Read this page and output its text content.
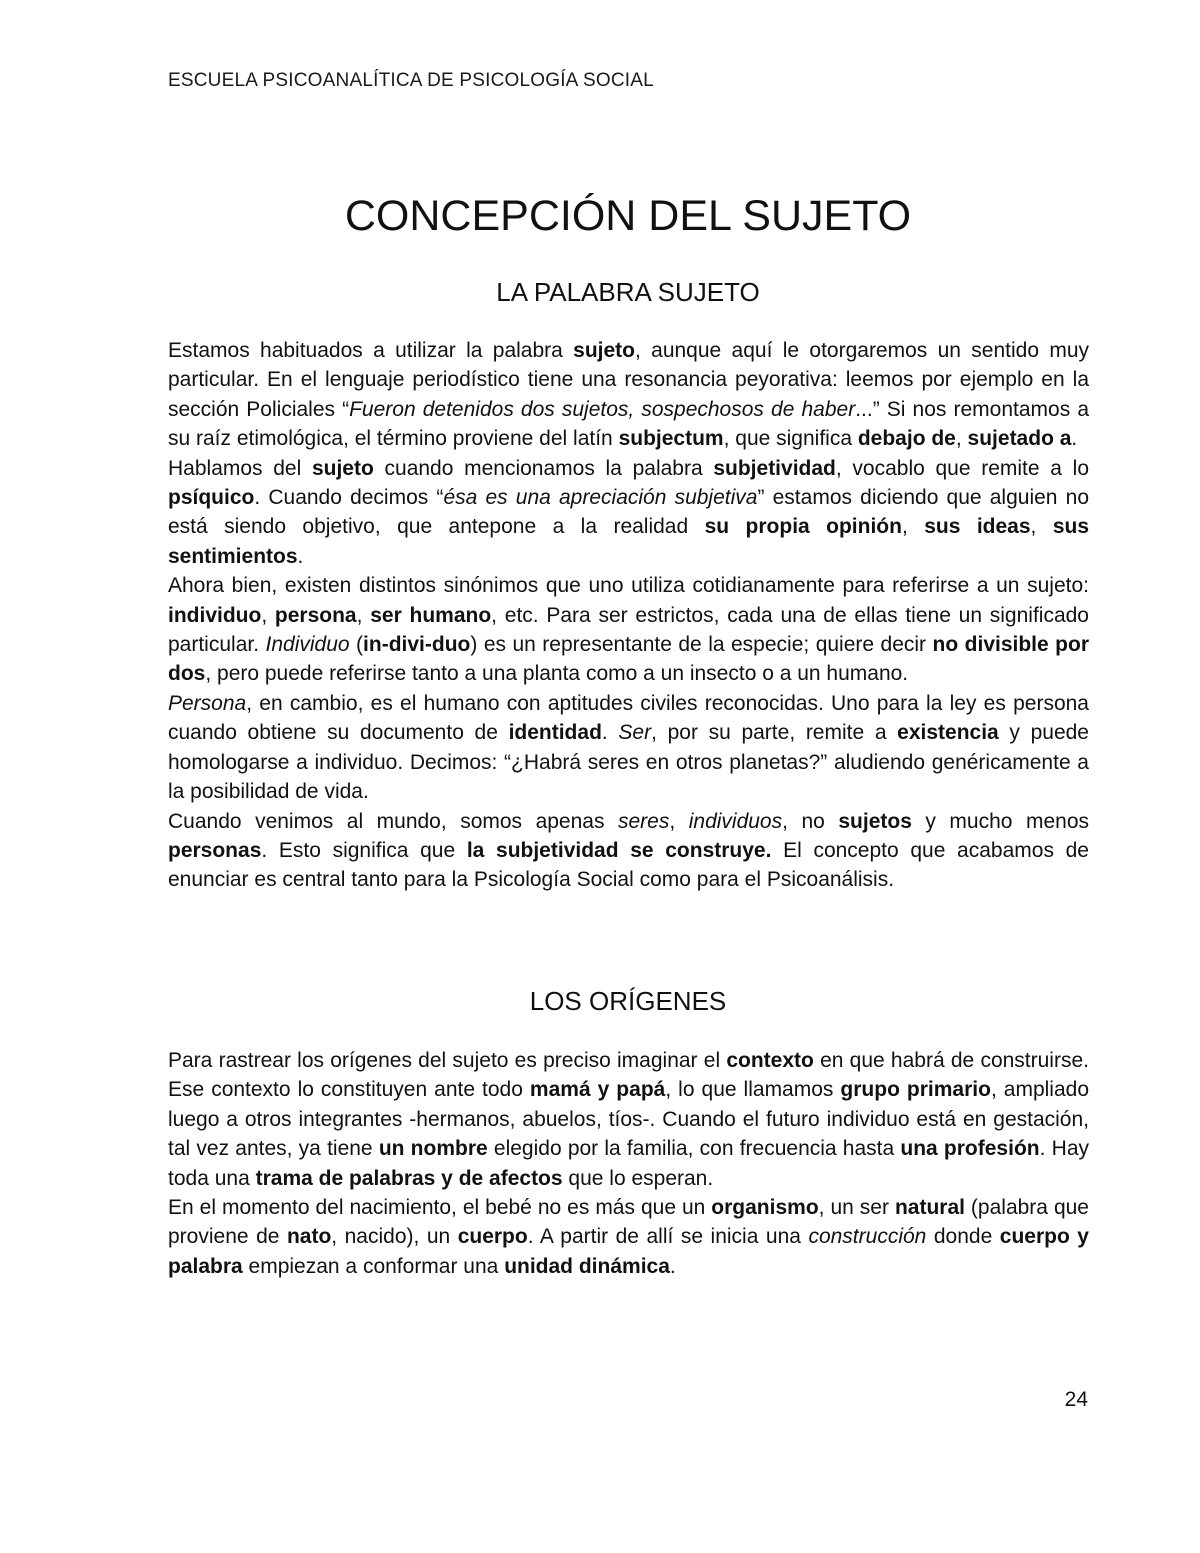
ESCUELA PSICOANALÍTICA DE PSICOLOGÍA SOCIAL
CONCEPCIÓN DEL SUJETO
LA PALABRA SUJETO

Estamos habituados a utilizar la palabra sujeto, aunque aquí le otorgaremos un sentido muy particular. En el lenguaje periodístico tiene una resonancia peyorativa: leemos por ejemplo en la sección Policiales “Fueron detenidos dos sujetos, sospechosos de haber...” Si nos remontamos a su raíz etimológica, el término proviene del latín subjectum, que significa debajo de, sujetado a.

Hablamos del sujeto cuando mencionamos la palabra subjetividad, vocablo que remite a lo psíquico. Cuando decimos “ésa es una apreciación subjetiva” estamos diciendo que alguien no está siendo objetivo, que antepone a la realidad su propia opinión, sus ideas, sus sentimientos.

Ahora bien, existen distintos sinónimos que uno utiliza cotidianamente para referirse a un sujeto: individuo, persona, ser humano, etc. Para ser estrictos, cada una de ellas tiene un significado particular. Individuo (in-divi-duo) es un representante de la especie; quiere decir no divisible por dos, pero puede referirse tanto a una planta como a un insecto o a un humano.

Persona, en cambio, es el humano con aptitudes civiles reconocidas. Uno para la ley es persona cuando obtiene su documento de identidad. Ser, por su parte, remite a existencia y puede homologarse a individuo. Decimos: “¿Habrá seres en otros planetas?” aludiendo genéricamente a la posibilidad de vida.

Cuando venimos al mundo, somos apenas seres, individuos, no sujetos y mucho menos personas. Esto significa que la subjetividad se construye. El concepto que acabamos de enunciar es central tanto para la Psicología Social como para el Psicoanálisis.

LOS ORÍGENES

Para rastrear los orígenes del sujeto es preciso imaginar el contexto en que habrá de construirse. Ese contexto lo constituyen ante todo mamá y papá, lo que llamamos grupo primario, ampliado luego a otros integrantes -hermanos, abuelos, tíos-. Cuando el futuro individuo está en gestación, tal vez antes, ya tiene un nombre elegido por la familia, con frecuencia hasta una profesión. Hay toda una trama de palabras y de afectos que lo esperan.

En el momento del nacimiento, el bebé no es más que un organismo, un ser natural (palabra que proviene de nato, nacido), un cuerpo. A partir de allí se inicia una construcción donde cuerpo y palabra empiezan a conformar una unidad dinámica.

24
